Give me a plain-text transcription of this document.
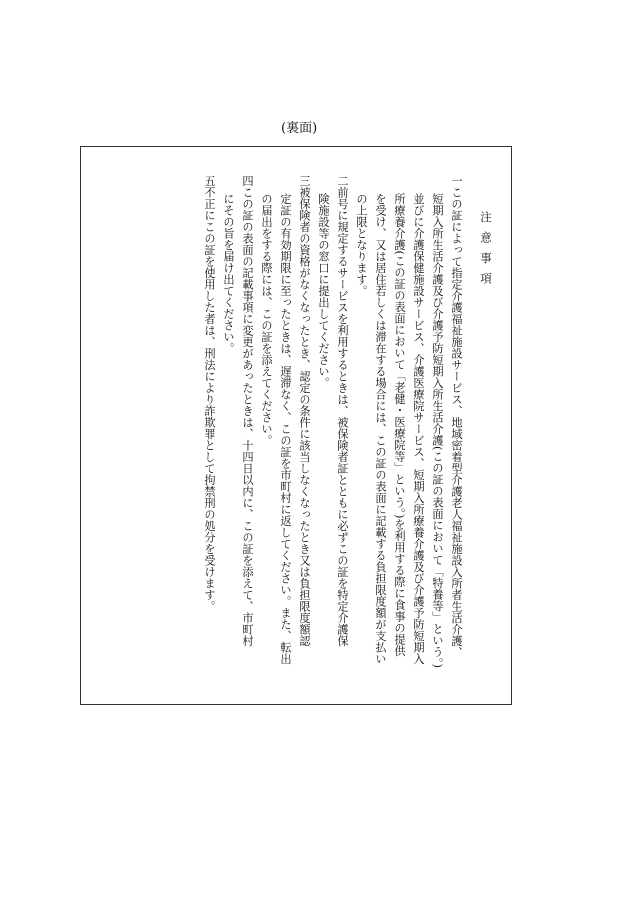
(裏面)
注意事項
一この証によって指定介護福祉施設サービス、地域密着型介護老人福祉施設入所者生活介護、
短期入所生活介護及び介護予防短期入所生活介護(この証の表面において「特養等」という。)
並びに介護保健施設サービス、介護医療院サービス、短期入所療養介護及び介護予防短期入
所療養介護(この証の表面において「老健・医療院等」という。)を利用する際に食事の提供
を受け、又は居住若しくは滞在する場合には、この証の表面に記載する負担限度額が支払い
の上限となります。
二前号に規定するサービスを利用するときは、被保険者証とともに必ずこの証を特定介護保
険施設等の窓口に提出してください。
三被保険者の資格がなくなったとき、認定の条件に該当しなくなったとき又は負担限度額認
定証の有効期限に至ったときは、遅滞なく、この証を市町村に返してください。また、転出
の届出をする際には、この証を添えてください。
四この証の表面の記載事項に変更があったときは、十四日以内に、この証を添えて、市町村
にその旨を届け出てください。
五不正にこの証を使用した者は、刑法により詐欺罪として拘禁刑の処分を受けます。
